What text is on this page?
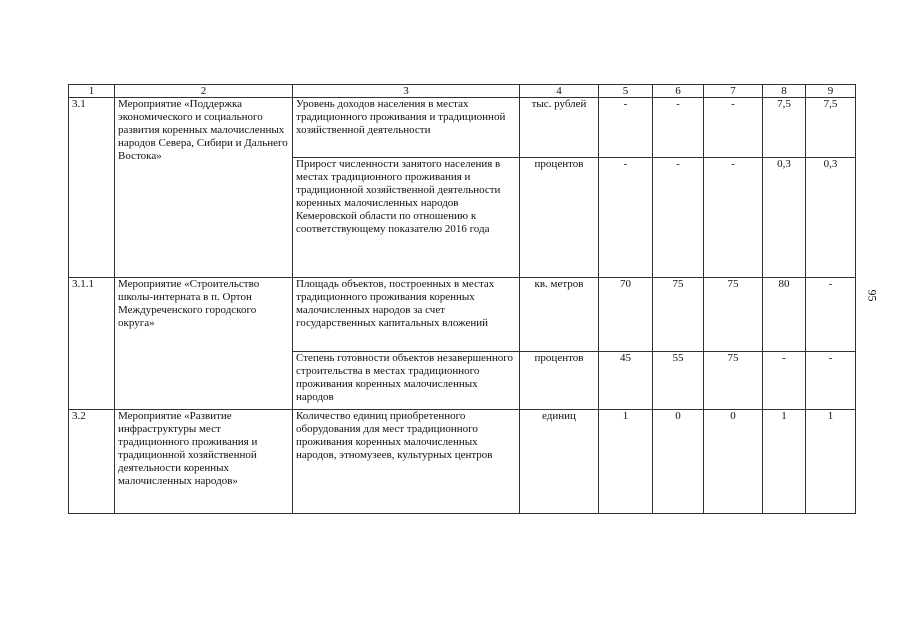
1	2	3	4	5	6	7	8	9
3.1	Мероприятие «Поддержка экономического и социального развития коренных малочисленных народов Севера, Сибири и Дальнего Востока»	Уровень доходов населения в местах традиционного проживания и традиционной хозяйственной деятельности	тыс. рублей	-	-	-	7,5	7,5
		Прирост численности занятого населения в местах традиционного проживания и традиционной хозяйственной деятельности коренных малочисленных народов Кемеровской области по отношению к соответствующему показателю 2016 года	процентов	-	-	-	0,3	0,3
3.1.1	Мероприятие «Строительство школы-интерната в п. Ортон Междуреченского городского округа»	Площадь объектов, построенных в местах традиционного проживания коренных малочисленных народов за счет государственных капитальных вложений	кв. метров	70	75	75	80	-
		Степень готовности объектов незавершенного строительства в местах традиционного проживания коренных малочисленных народов	процентов	45	55	75	-	-
3.2	Мероприятие «Развитие инфраструктуры мест традиционного проживания и традиционной хозяйственной деятельности коренных малочисленных народов»	Количество единиц приобретенного оборудования для мест традиционного проживания коренных малочисленных народов, этномузеев, культурных центров	единиц	1	0	0	1	1
95
